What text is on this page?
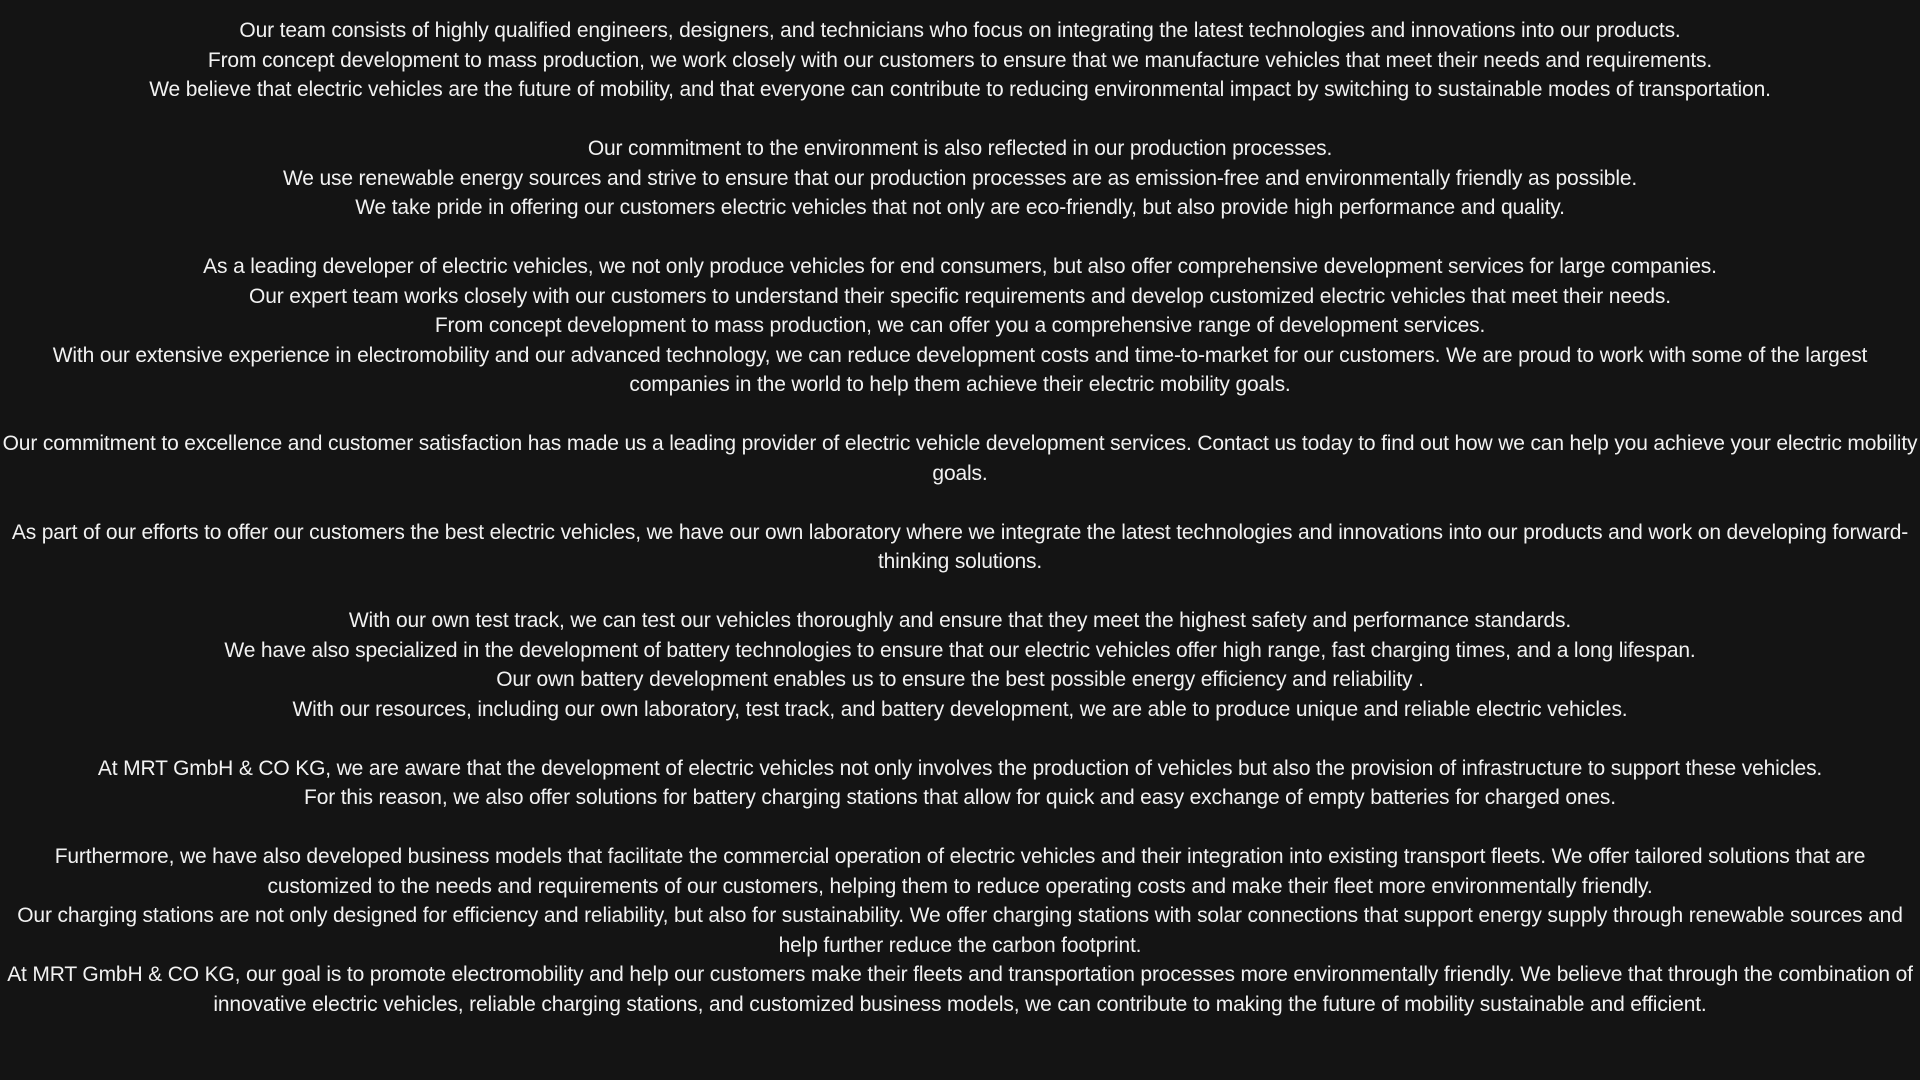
Our team consists of highly qualified engineers, designers, and technicians who focus on integrating the latest technologies and innovations into our products.
From concept development to mass production, we work closely with our customers to ensure that we manufacture vehicles that meet their needs and requirements.
We believe that electric vehicles are the future of mobility, and that everyone can contribute to reducing environmental impact by switching to sustainable modes of transportation.

Our commitment to the environment is also reflected in our production processes.
We use renewable energy sources and strive to ensure that our production processes are as emission-free and environmentally friendly as possible.
We take pride in offering our customers electric vehicles that not only are eco-friendly, but also provide high performance and quality.

As a leading developer of electric vehicles, we not only produce vehicles for end consumers, but also offer comprehensive development services for large companies.
Our expert team works closely with our customers to understand their specific requirements and develop customized electric vehicles that meet their needs.
From concept development to mass production, we can offer you a comprehensive range of development services.
With our extensive experience in electromobility and our advanced technology, we can reduce development costs and time-to-market for our customers. We are proud to work with some of the largest companies in the world to help them achieve their electric mobility goals.

Our commitment to excellence and customer satisfaction has made us a leading provider of electric vehicle development services. Contact us today to find out how we can help you achieve your electric mobility goals.

As part of our efforts to offer our customers the best electric vehicles, we have our own laboratory where we integrate the latest technologies and innovations into our products and work on developing forward-thinking solutions.

With our own test track, we can test our vehicles thoroughly and ensure that they meet the highest safety and performance standards.
We have also specialized in the development of battery technologies to ensure that our electric vehicles offer high range, fast charging times, and a long lifespan.
Our own battery development enables us to ensure the best possible energy efficiency and reliability .
With our resources, including our own laboratory, test track, and battery development, we are able to produce unique and reliable electric vehicles.

At MRT GmbH & CO KG, we are aware that the development of electric vehicles not only involves the production of vehicles but also the provision of infrastructure to support these vehicles.
For this reason, we also offer solutions for battery charging stations that allow for quick and easy exchange of empty batteries for charged ones.

Furthermore, we have also developed business models that facilitate the commercial operation of electric vehicles and their integration into existing transport fleets. We offer tailored solutions that are customized to the needs and requirements of our customers, helping them to reduce operating costs and make their fleet more environmentally friendly.
Our charging stations are not only designed for efficiency and reliability, but also for sustainability. We offer charging stations with solar connections that support energy supply through renewable sources and help further reduce the carbon footprint.
At MRT GmbH & CO KG, our goal is to promote electromobility and help our customers make their fleets and transportation processes more environmentally friendly. We believe that through the combination of innovative electric vehicles, reliable charging stations, and customized business models, we can contribute to making the future of mobility sustainable and efficient.
